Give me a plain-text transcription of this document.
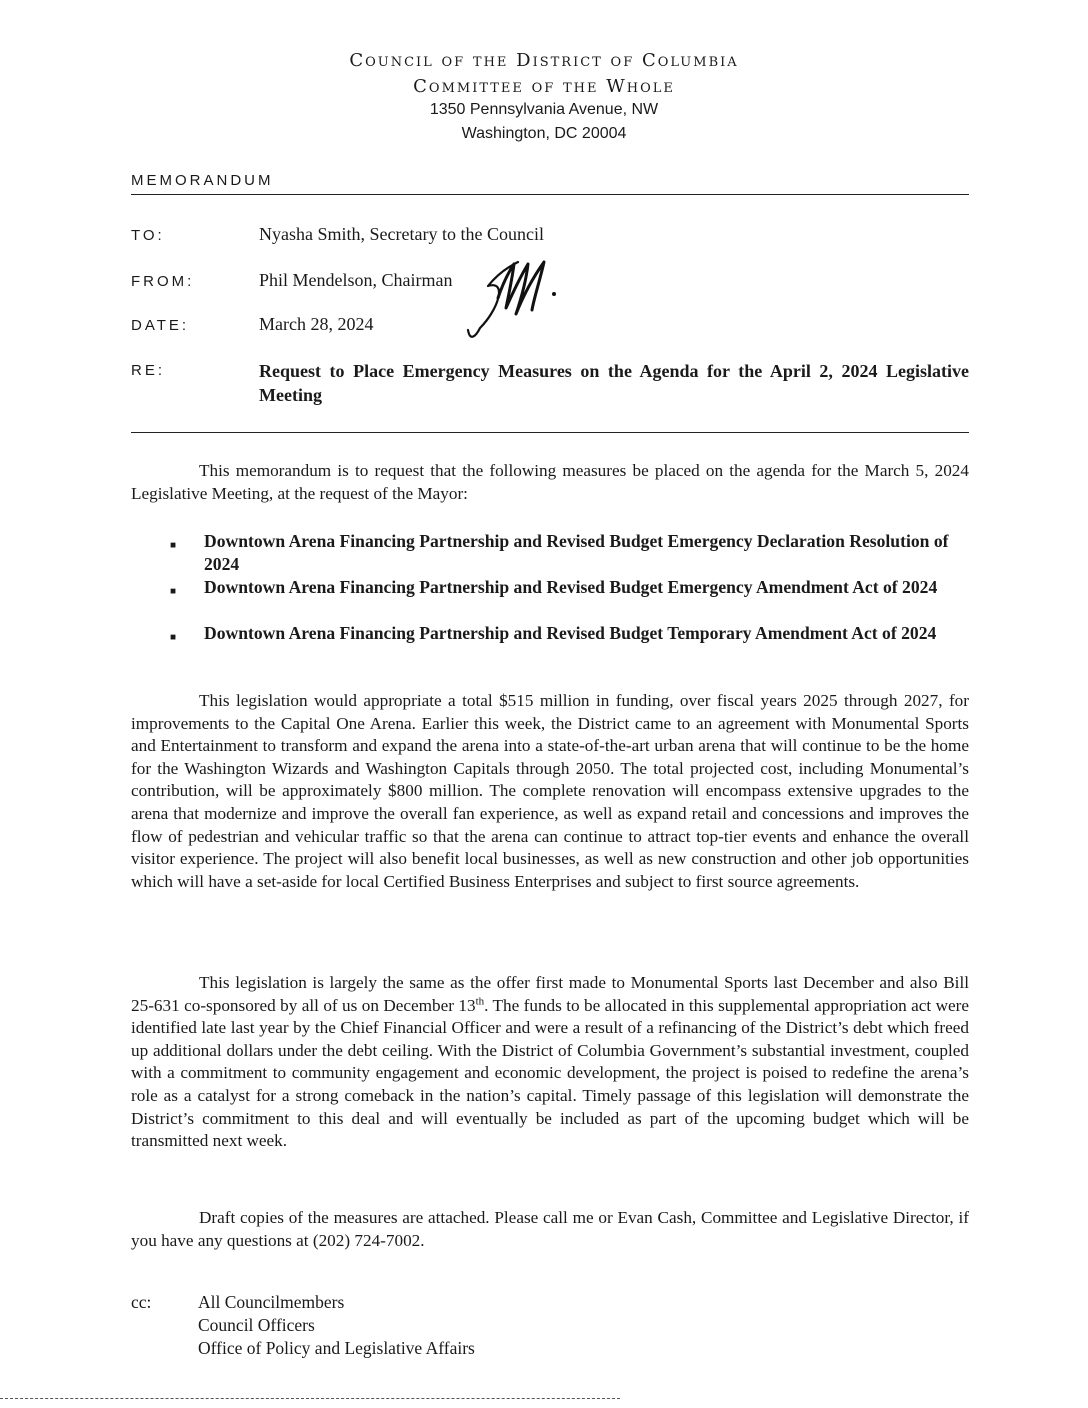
Council of the District of Columbia
Committee of the Whole
1350 Pennsylvania Avenue, NW
Washington, DC 20004
MEMORANDUM
TO:	Nyasha Smith, Secretary to the Council
FROM:	Phil Mendelson, Chairman
DATE:	March 28, 2024
RE:	Request to Place Emergency Measures on the Agenda for the April 2, 2024 Legislative Meeting

This memorandum is to request that the following measures be placed on the agenda for the March 5, 2024 Legislative Meeting, at the request of the Mayor:

■ Downtown Arena Financing Partnership and Revised Budget Emergency Declaration Resolution of 2024
■ Downtown Arena Financing Partnership and Revised Budget Emergency Amendment Act of 2024
■ Downtown Arena Financing Partnership and Revised Budget Temporary Amendment Act of 2024

This legislation would appropriate a total $515 million in funding, over fiscal years 2025 through 2027, for improvements to the Capital One Arena. Earlier this week, the District came to an agreement with Monumental Sports and Entertainment to transform and expand the arena into a state-of-the-art urban arena that will continue to be the home for the Washington Wizards and Washington Capitals through 2050. The total projected cost, including Monumental’s contribution, will be approximately $800 million. The complete renovation will encompass extensive upgrades to the arena that modernize and improve the overall fan experience, as well as expand retail and concessions and improves the flow of pedestrian and vehicular traffic so that the arena can continue to attract top-tier events and enhance the overall visitor experience. The project will also benefit local businesses, as well as new construction and other job opportunities which will have a set-aside for local Certified Business Enterprises and subject to first source agreements.

This legislation is largely the same as the offer first made to Monumental Sports last December and also Bill 25-631 co-sponsored by all of us on December 13th. The funds to be allocated in this supplemental appropriation act were identified late last year by the Chief Financial Officer and were a result of a refinancing of the District’s debt which freed up additional dollars under the debt ceiling. With the District of Columbia Government’s substantial investment, coupled with a commitment to community engagement and economic development, the project is poised to redefine the arena’s role as a catalyst for a strong comeback in the nation’s capital. Timely passage of this legislation will demonstrate the District’s commitment to this deal and will eventually be included as part of the upcoming budget which will be transmitted next week.

Draft copies of the measures are attached. Please call me or Evan Cash, Committee and Legislative Director, if you have any questions at (202) 724-7002.

cc:	All Councilmembers
Council Officers
Office of Policy and Legislative Affairs
